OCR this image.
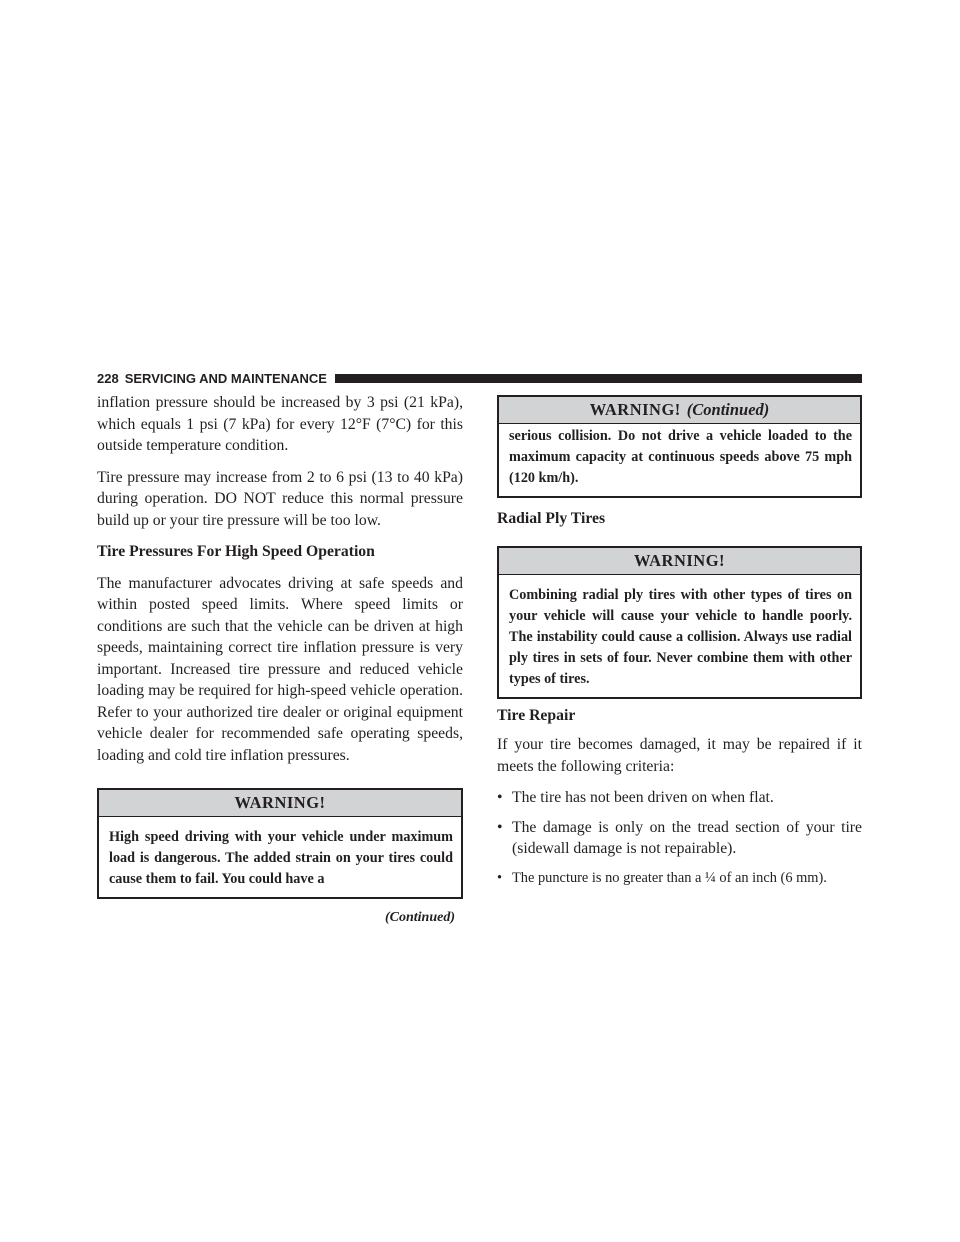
228 SERVICING AND MAINTENANCE

inflation pressure should be increased by 3 psi (21 kPa), which equals 1 psi (7 kPa) for every 12°F (7°C) for this outside temperature condition.

Tire pressure may increase from 2 to 6 psi (13 to 40 kPa) during operation. DO NOT reduce this normal pressure build up or your tire pressure will be too low.

Tire Pressures For High Speed Operation

The manufacturer advocates driving at safe speeds and within posted speed limits. Where speed limits or conditions are such that the vehicle can be driven at high speeds, maintaining correct tire inflation pressure is very important. Increased tire pressure and reduced vehicle loading may be required for high-speed vehicle operation. Refer to your authorized tire dealer or original equipment vehicle dealer for recommended safe operating speeds, loading and cold tire inflation pressures.

WARNING!
High speed driving with your vehicle under maximum load is dangerous. The added strain on your tires could cause them to fail. You could have a
(Continued)
WARNING! (Continued)
serious collision. Do not drive a vehicle loaded to the maximum capacity at continuous speeds above 75 mph (120 km/h).
Radial Ply Tires
WARNING!
Combining radial ply tires with other types of tires on your vehicle will cause your vehicle to handle poorly. The instability could cause a collision. Always use radial ply tires in sets of four. Never combine them with other types of tires.
Tire Repair

If your tire becomes damaged, it may be repaired if it meets the following criteria:

• The tire has not been driven on when flat.
• The damage is only on the tread section of your tire (sidewall damage is not repairable).
• The puncture is no greater than a ¼ of an inch (6 mm).
